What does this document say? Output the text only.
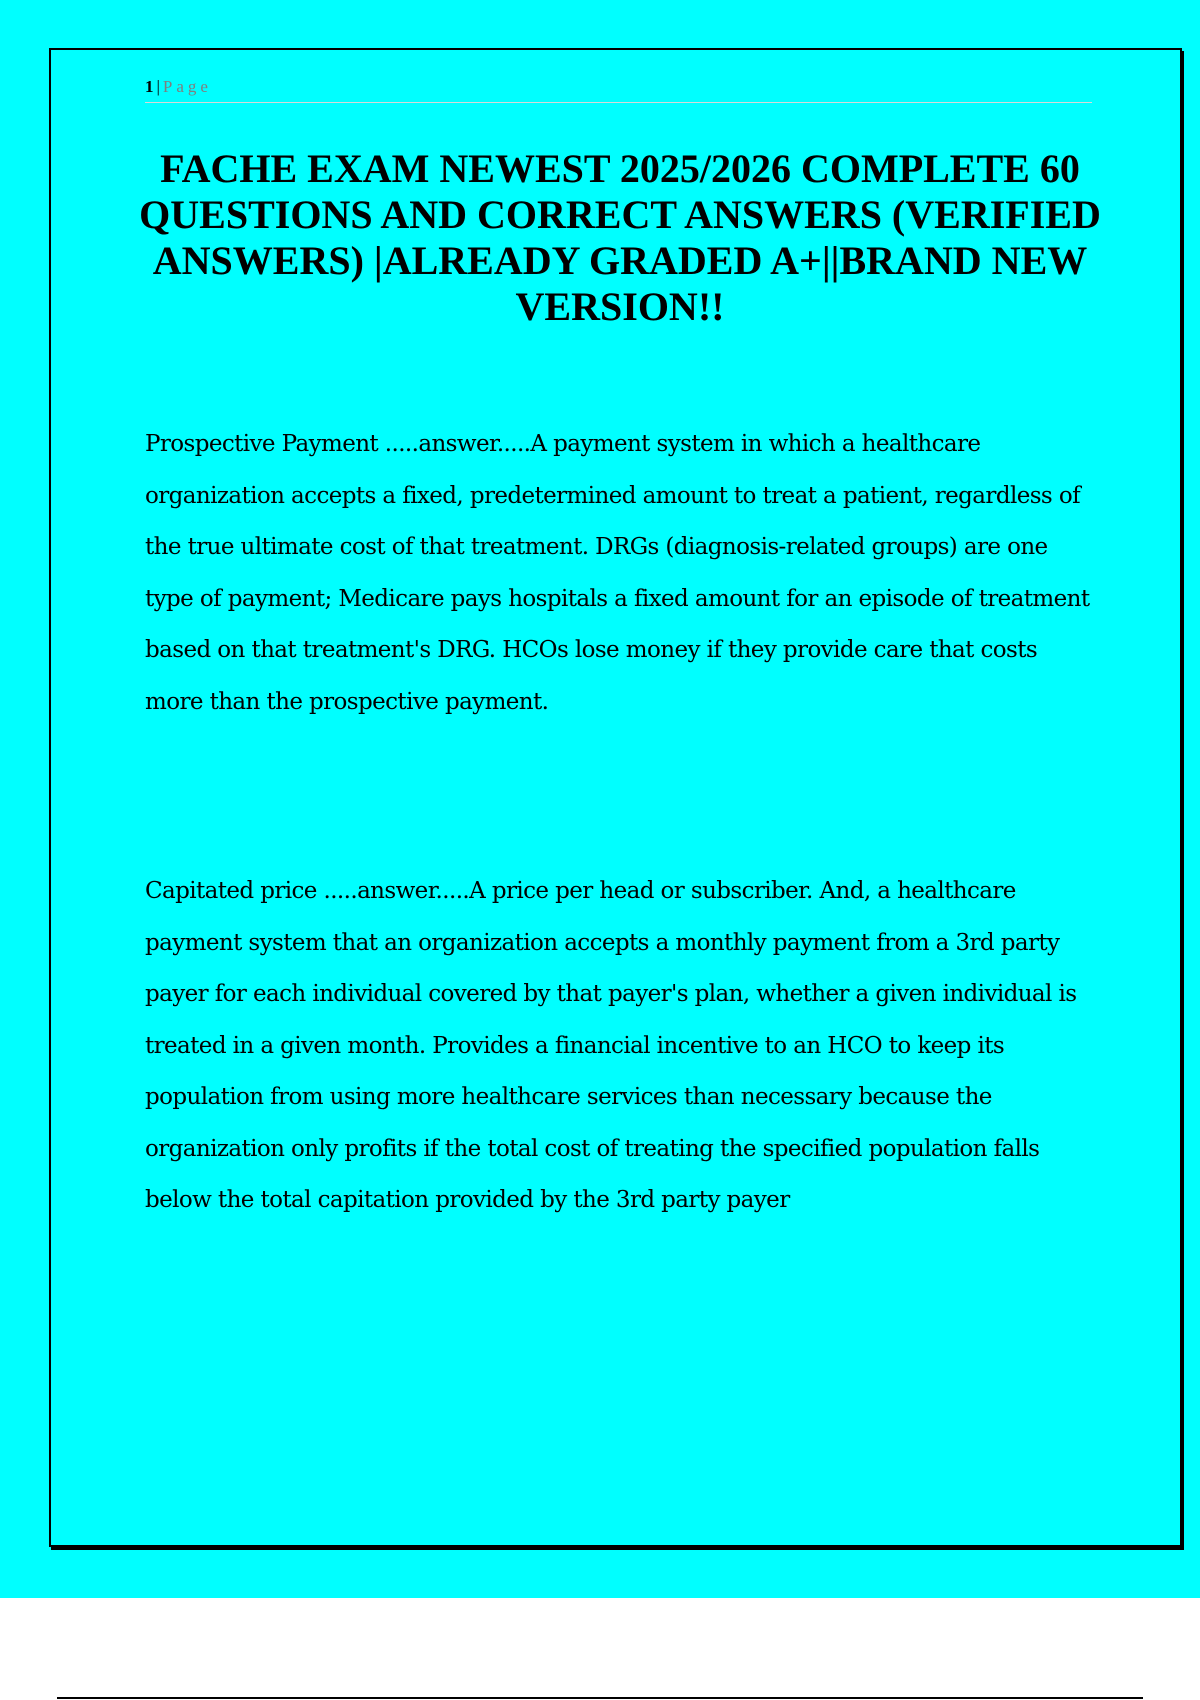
1 | Page
FACHE EXAM NEWEST 2025/2026 COMPLETE 60 QUESTIONS AND CORRECT ANSWERS (VERIFIED ANSWERS) |ALREADY GRADED A+||BRAND NEW VERSION!!

Prospective Payment .....answer.....A payment system in which a healthcare organization accepts a fixed, predetermined amount to treat a patient, regardless of the true ultimate cost of that treatment. DRGs (diagnosis-related groups) are one type of payment; Medicare pays hospitals a fixed amount for an episode of treatment based on that treatment's DRG. HCOs lose money if they provide care that costs more than the prospective payment.

Capitated price .....answer.....A price per head or subscriber. And, a healthcare payment system that an organization accepts a monthly payment from a 3rd party payer for each individual covered by that payer's plan, whether a given individual is treated in a given month. Provides a financial incentive to an HCO to keep its population from using more healthcare services than necessary because the organization only profits if the total cost of treating the specified population falls below the total capitation provided by the 3rd party payer
